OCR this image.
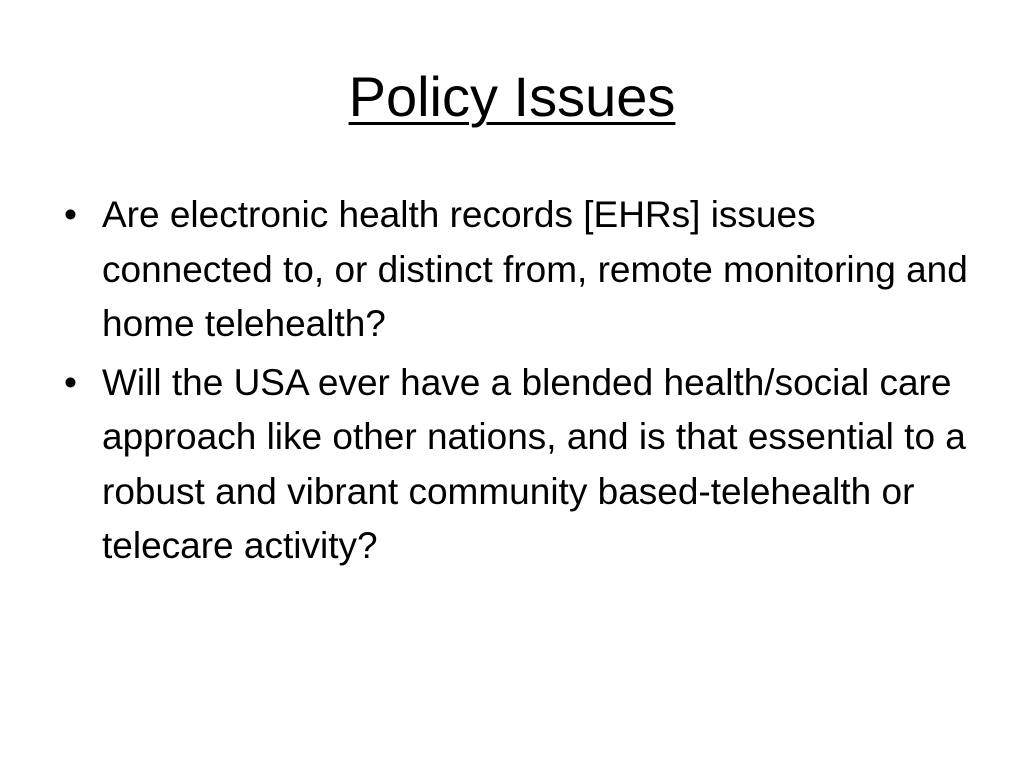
Policy Issues
• Are electronic health records [EHRs] issues connected to, or distinct from, remote monitoring and home telehealth?
• Will the USA ever have a blended health/social care approach like other nations, and is that essential to a robust and vibrant community based-telehealth or telecare activity?
